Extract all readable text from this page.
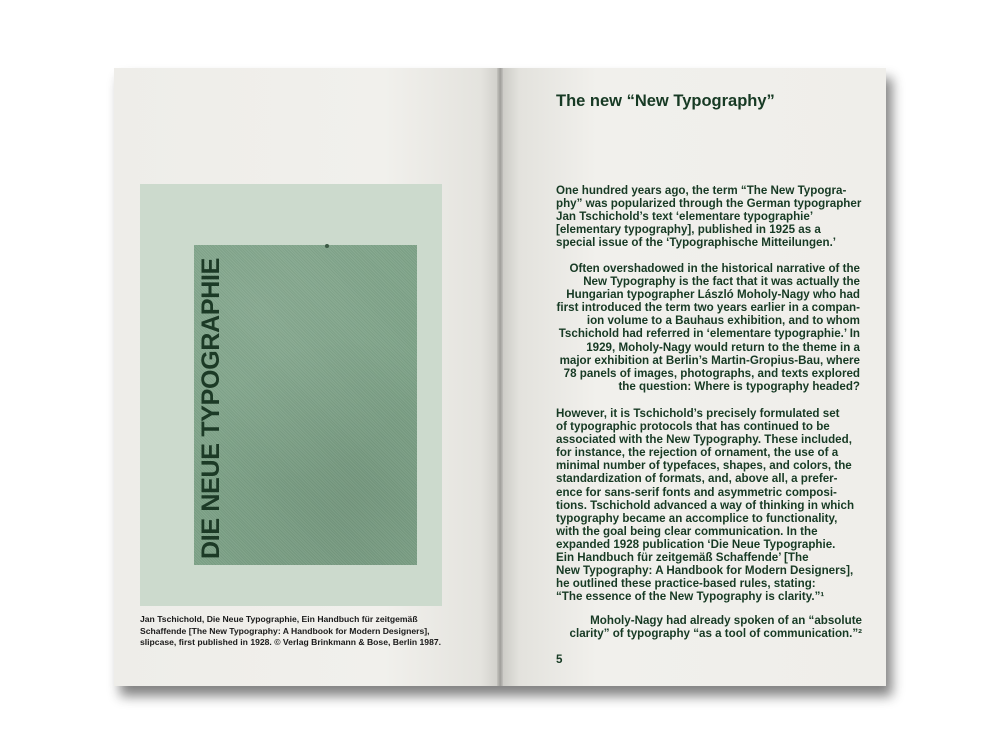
DIE NEUE TYPOGRAPHIE

Jan Tschichold, Die Neue Typographie, Ein Handbuch für zeitgemäß
Schaffende [The New Typography: A Handbook for Modern Designers],
slipcase, first published in 1928. © Verlag Brinkmann & Bose, Berlin 1987.

The new “New Typography”

One hundred years ago, the term “The New Typogra-
phy” was popularized through the German typographer
Jan Tschichold’s text ‘elementare typographie’
[elementary typography], published in 1925 as a
special issue of the ‘Typographische Mitteilungen.’

Often overshadowed in the historical narrative of the
New Typography is the fact that it was actually the
Hungarian typographer László Moholy-Nagy who had
first introduced the term two years earlier in a compan-
ion volume to a Bauhaus exhibition, and to whom
Tschichold had referred in ‘elementare typographie.’ In
1929, Moholy-Nagy would return to the theme in a
major exhibition at Berlin’s Martin-Gropius-Bau, where
78 panels of images, photographs, and texts explored
the question: Where is typography headed?

However, it is Tschichold’s precisely formulated set
of typographic protocols that has continued to be
associated with the New Typography. These included,
for instance, the rejection of ornament, the use of a
minimal number of typefaces, shapes, and colors, the
standardization of formats, and, above all, a prefer-
ence for sans-serif fonts and asymmetric composi-
tions. Tschichold advanced a way of thinking in which
typography became an accomplice to functionality,
with the goal being clear communication. In the
expanded 1928 publication ‘Die Neue Typographie.
Ein Handbuch für zeitgemäß Schaffende’ [The
New Typography: A Handbook for Modern Designers],
he outlined these practice-based rules, stating:
“The essence of the New Typography is clarity.”¹

Moholy-Nagy had already spoken of an “absolute
clarity” of typography “as a tool of communication.”²

5
